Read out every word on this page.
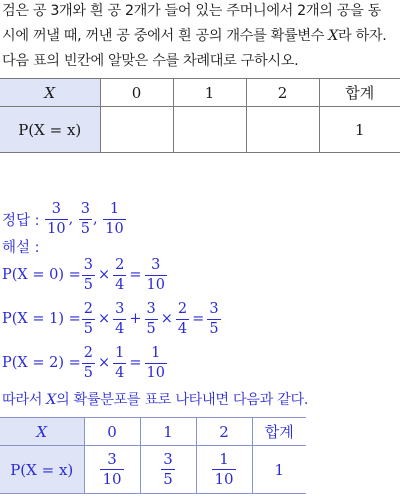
검은 공 3개와 흰 공 2개가 들어 있는 주머니에서 2개의 공을 동
시에 꺼낼 때, 꺼낸 공 중에서 흰 공의 개수를 확률변수 X라 하자.
다음 표의 빈칸에 알맞은 수를 차례대로 구하시오.
X	0	1	2	합계
P(X = x)				1
정답 :
$\frac{3}{10}$ ,
$\frac{3}{5}$ ,
$\frac{1}{10}$
해설 :
$P(X = 0) = \frac{3}{5} \times \frac{2}{4} = \frac{3}{10}$
$P(X = 1) = \frac{2}{5} \times \frac{3}{4} + \frac{3}{5} \times \frac{2}{4} = \frac{3}{5}$
$P(X = 2) = \frac{2}{5} \times \frac{1}{4} = \frac{1}{10}$
따라서 X의 확률분포를 표로 나타내면 다음과 같다.
X	0	1	2	합계
P(X = x)	$\frac{3}{10}$	$\frac{3}{5}$	$\frac{1}{10}$	1
